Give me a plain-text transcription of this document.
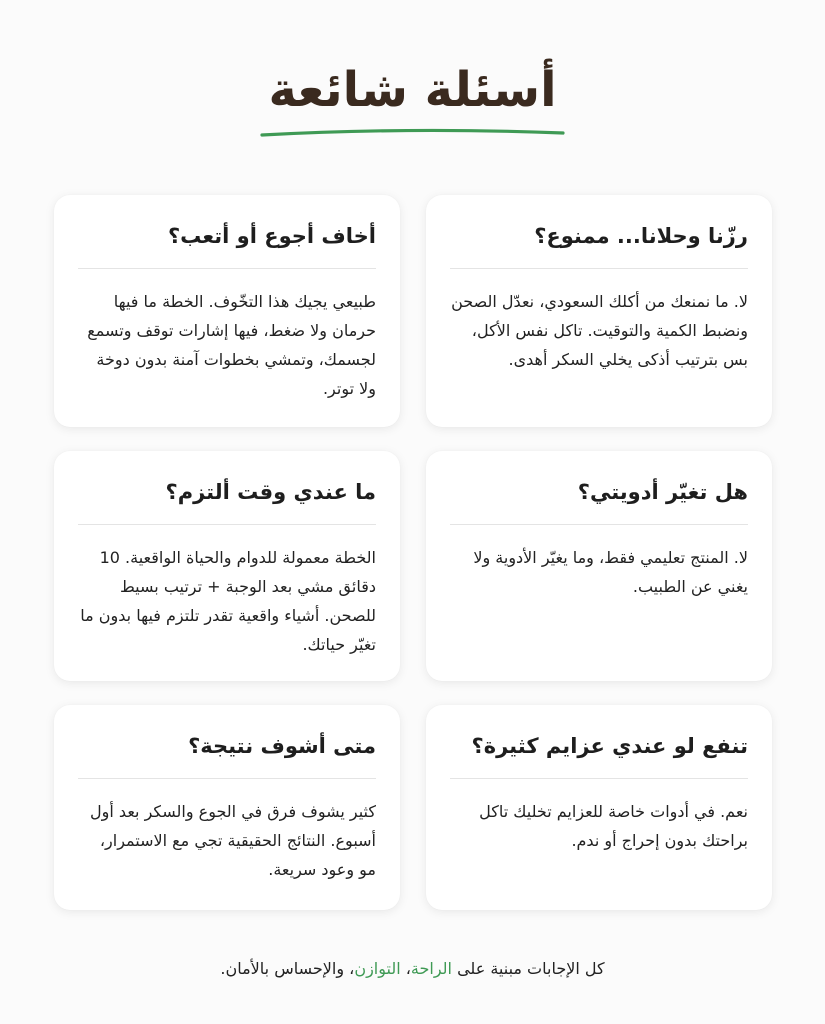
أسئلة شائعة
رزّنا وحلانا... ممنوع؟

لا. ما نمنعك من أكلك السعودي، نعدّل الصحن ونضبط الكمية والتوقيت. تاكل نفس الأكل، بس بترتيب أذكى يخلي السكر أهدى.

أخاف أجوع أو أتعب؟

طبيعي يجيك هذا التخّوف. الخطة ما فيها حرمان ولا ضغط، فيها إشارات توقف وتسمع لجسمك، وتمشي بخطوات آمنة بدون دوخة ولا توتر.

هل تغيّر أدويتي؟

لا. المنتج تعليمي فقط، وما يغيّر الأدوية ولا يغني عن الطبيب.

ما عندي وقت ألتزم؟

الخطة معمولة للدوام والحياة الواقعية. 10 دقائق مشي بعد الوجبة + ترتيب بسيط للصحن. أشياء واقعية تقدر تلتزم فيها بدون ما تغيّر حياتك.

تنفع لو عندي عزايم كثيرة؟

نعم. في أدوات خاصة للعزايم تخليك تاكل براحتك بدون إحراج أو ندم.

متى أشوف نتيجة؟

كثير يشوف فرق في الجوع والسكر بعد أول أسبوع. النتائج الحقيقية تجي مع الاستمرار، مو وعود سريعة.

كل الإجابات مبنية على الراحة، التوازن، والإحساس بالأمان.
